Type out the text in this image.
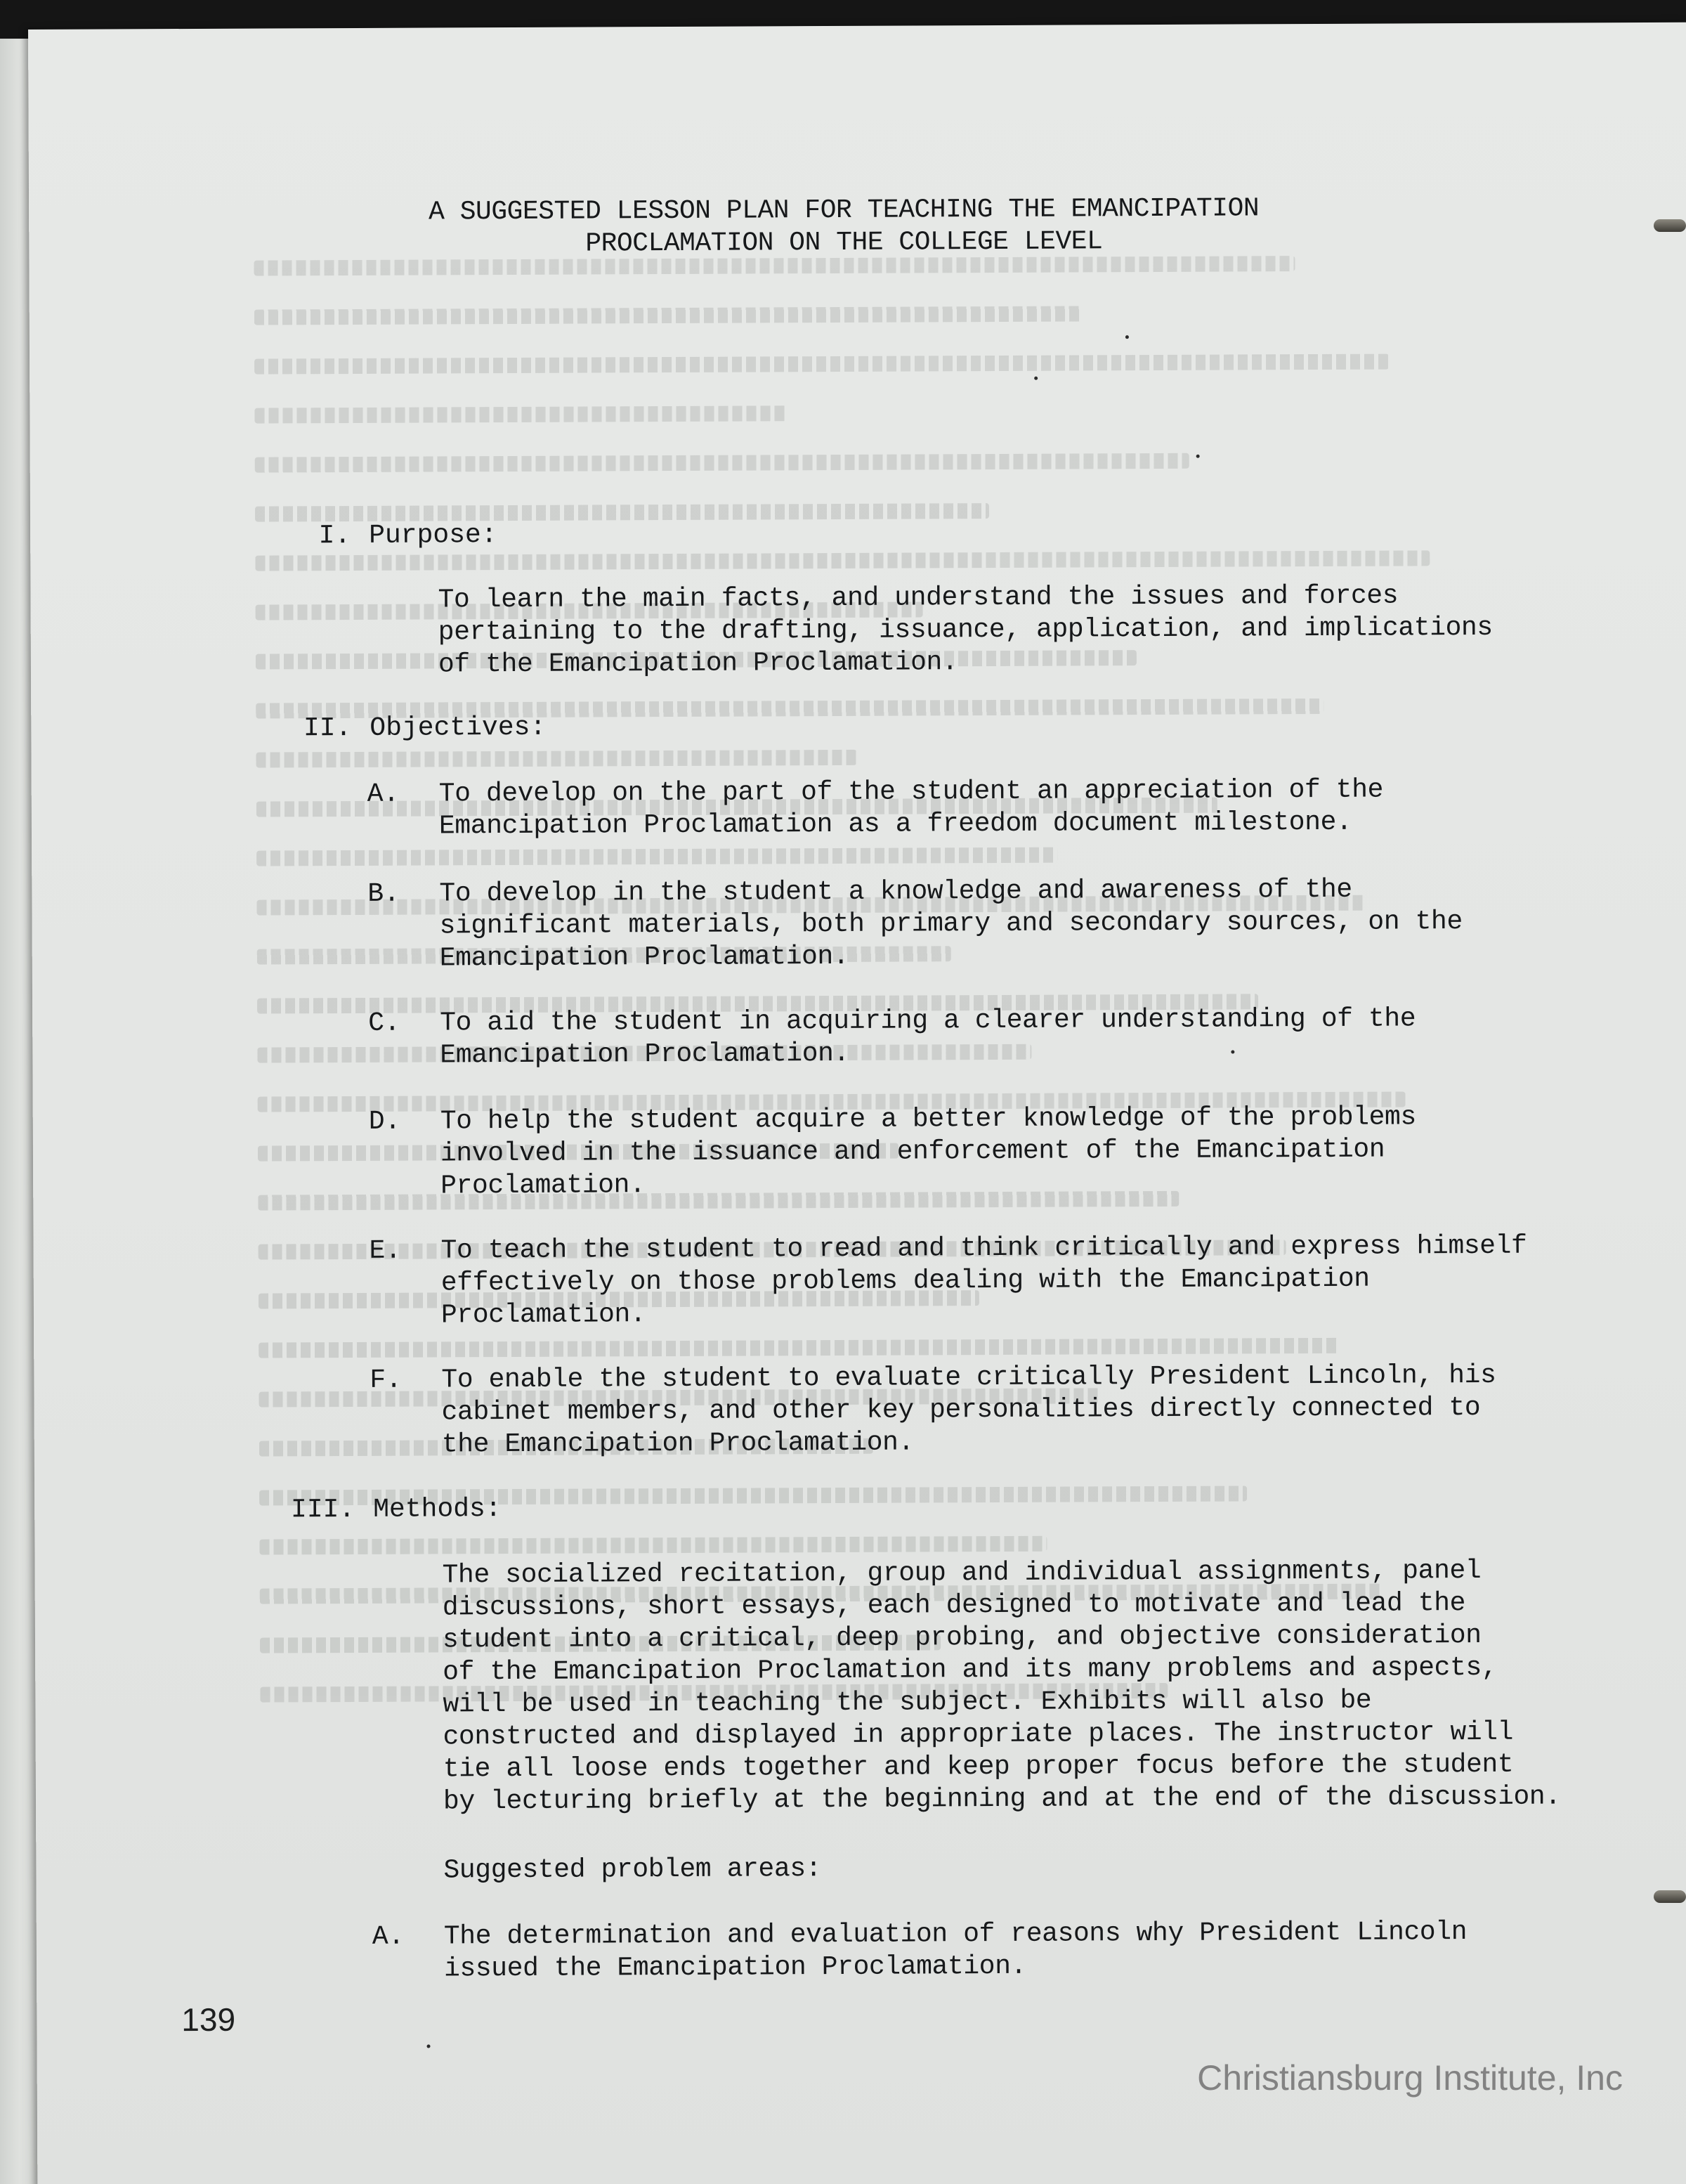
A SUGGESTED LESSON PLAN FOR TEACHING THE EMANCIPATION
PROCLAMATION ON THE COLLEGE LEVEL
I. Purpose:
To learn the main facts, and understand the issues and forces
pertaining to the drafting, issuance, application, and implications
of the Emancipation Proclamation.
II. Objectives:
A.	To develop on the part of the student an appreciation of the
Emancipation Proclamation as a freedom document milestone.
B.	To develop in the student a knowledge and awareness of the
significant materials, both primary and secondary sources, on the
Emancipation Proclamation.
C.	To aid the student in acquiring a clearer understanding of the
Emancipation Proclamation.
D.	To help the student acquire a better knowledge of the problems
involved in the issuance and enforcement of the Emancipation
Proclamation.
E.	To teach the student to read and think critically and express himself
effectively on those problems dealing with the Emancipation
Proclamation.
F.	To enable the student to evaluate critically President Lincoln, his
cabinet members, and other key personalities directly connected to
the Emancipation Proclamation.
III. Methods:
The socialized recitation, group and individual assignments, panel
discussions, short essays, each designed to motivate and lead the
student into a critical, deep probing, and objective consideration
of the Emancipation Proclamation and its many problems and aspects,
will be used in teaching the subject. Exhibits will also be
constructed and displayed in appropriate places. The instructor will
tie all loose ends together and keep proper focus before the student
by lecturing briefly at the beginning and at the end of the discussion.
Suggested problem areas:
A.	The determination and evaluation of reasons why President Lincoln
issued the Emancipation Proclamation.
139
Christiansburg Institute, Inc
